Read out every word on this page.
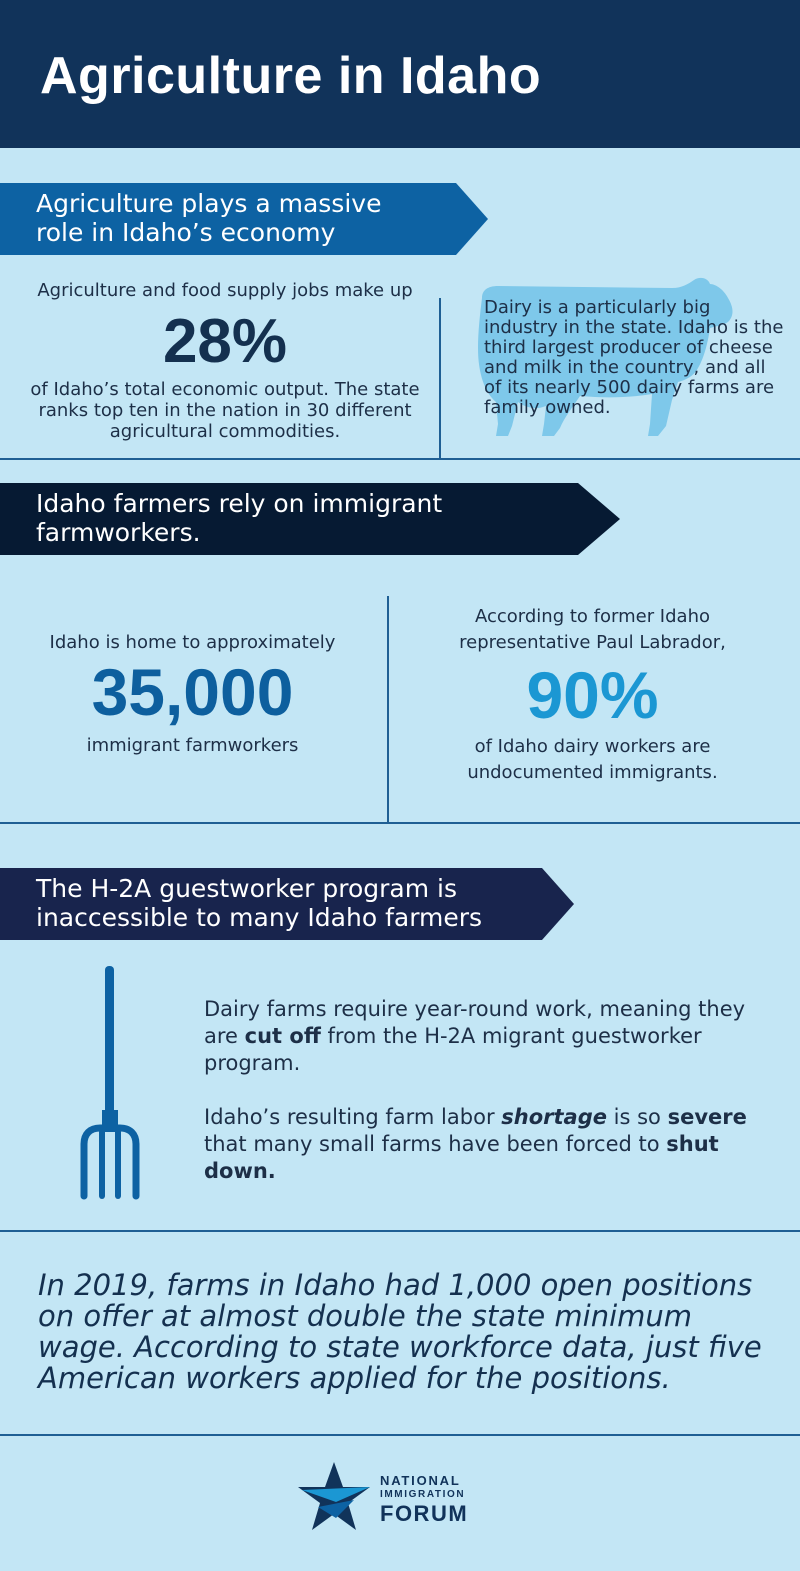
Agriculture in Idaho
Agriculture plays a massive
role in Idaho’s economy
Agriculture and food supply jobs make up
28%
of Idaho’s total economic output. The state ranks top ten in the nation in 30 different agricultural commodities.
Dairy is a particularly big industry in the state. Idaho is the third largest producer of cheese and milk in the country, and all of its nearly 500 dairy farms are family owned.
Idaho farmers rely on immigrant
farmworkers.
Idaho is home to approximately
35,000
immigrant farmworkers
According to former Idaho representative Paul Labrador,
90%
of Idaho dairy workers are undocumented immigrants.
The H-2A guestworker program is
inaccessible to many Idaho farmers

Dairy farms require year-round work, meaning they are cut off from the H-2A migrant guestworker program.

Idaho’s resulting farm labor shortage is so severe that many small farms have been forced to shut down.

In 2019, farms in Idaho had 1,000 open positions on offer at almost double the state minimum wage. According to state workforce data, just five American workers applied for the positions.
NATIONAL
IMMIGRATION
FORUM
